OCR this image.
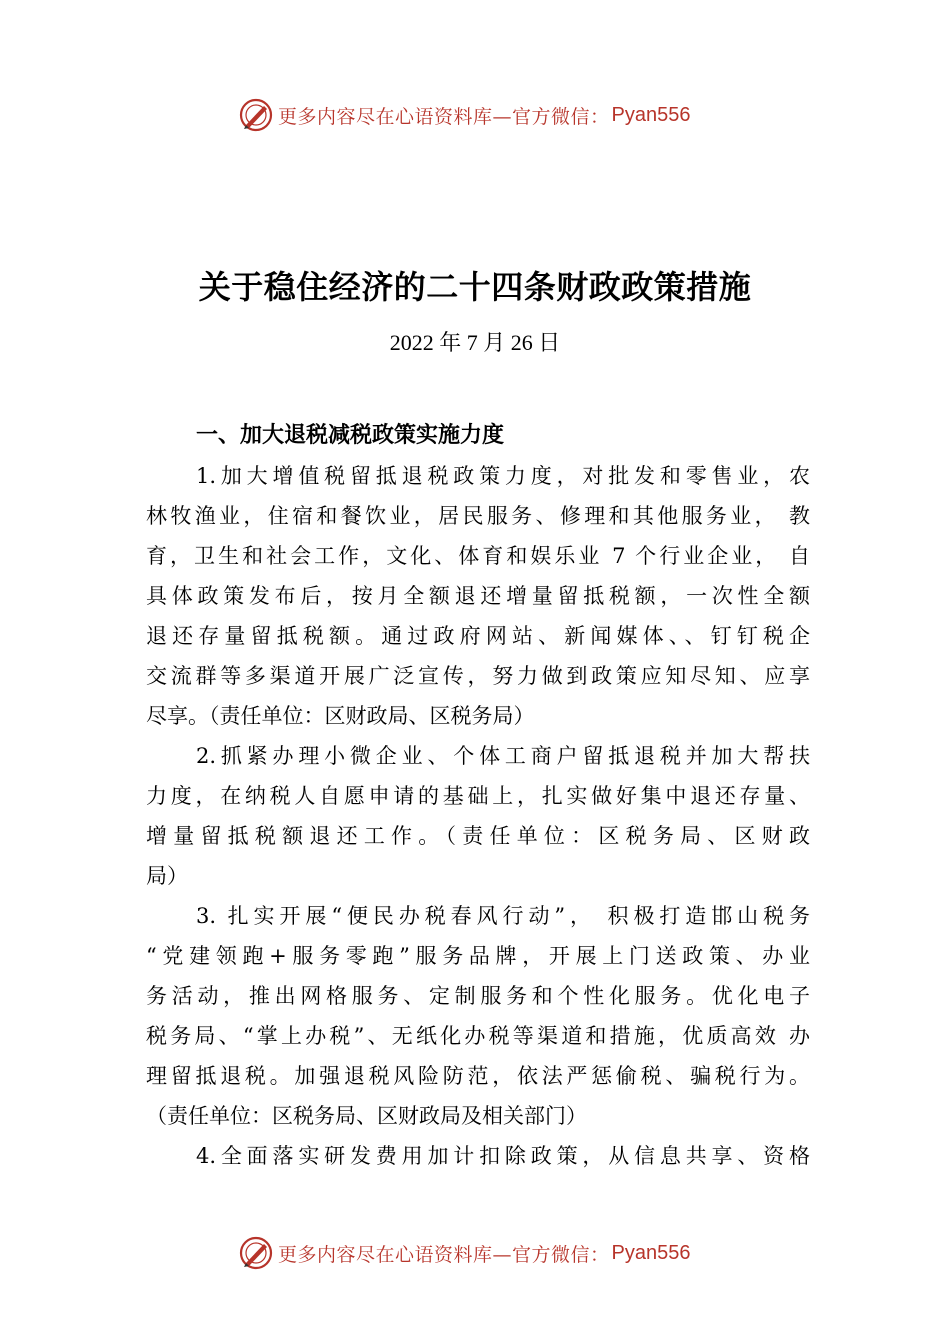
更多内容尽在心语资料库—官方微信： Pyan556
关于稳住经济的二十四条财政政策措施
2022 年 7 月 26 日
一、加大退税减税政策实施力度
1.加大增值税留抵退税政策力度，对批发和零售业，农
林牧渔业，住宿和餐饮业，居民服务、修理和其他服务业， 教
育，卫生和社会工作，文化、体育和娱乐业 7 个行业企业， 自
具体政策发布后，按月全额退还增量留抵税额，一次性全额
退还存量留抵税额。通过政府网站、新闻媒体、、钉钉税企
交流群等多渠道开展广泛宣传，努力做到政策应知尽知、应享
尽享。（责任单位：区财政局、区税务局）
2.抓紧办理小微企业、个体工商户留抵退税并加大帮扶
力度，在纳税人自愿申请的基础上，扎实做好集中退还存量、
增量留抵税额退还工作。（责任单位：区税务局、区财政
局）
3. 扎实开展“便民办税春风行动”， 积极打造邯山税务
“党建领跑+服务零跑”服务品牌，开展上门送政策、办业
务活动，推出网格服务、定制服务和个性化服务。优化电子
税务局、“掌上办税”、无纸化办税等渠道和措施，优质高效 办
理留抵退税。加强退税风险防范，依法严惩偷税、骗税行为。
（责任单位：区税务局、区财政局及相关部门）
4.全面落实研发费用加计扣除政策，从信息共享、资格
更多内容尽在心语资料库—官方微信： Pyan556
